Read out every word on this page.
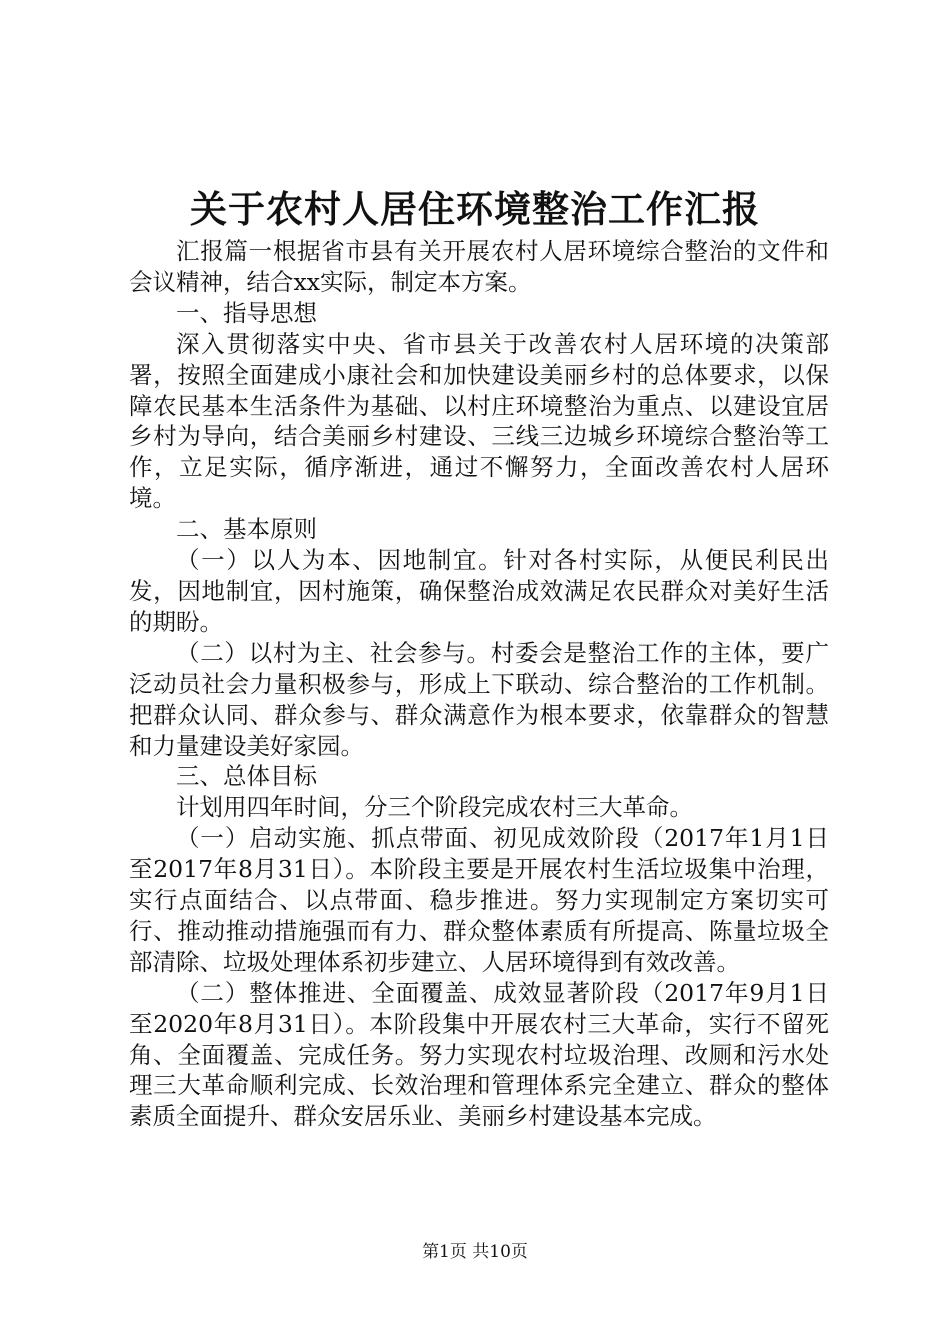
关于农村人居住环境整治工作汇报

汇报篇一根据省市县有关开展农村人居环境综合整治的文件和会议精神，结合xx实际，制定本方案。

一、指导思想

深入贯彻落实中央、省市县关于改善农村人居环境的决策部署，按照全面建成小康社会和加快建设美丽乡村的总体要求，以保障农民基本生活条件为基础、以村庄环境整治为重点、以建设宜居乡村为导向，结合美丽乡村建设、三线三边城乡环境综合整治等工作，立足实际，循序渐进，通过不懈努力，全面改善农村人居环境。

二、基本原则

（一）以人为本、因地制宜。针对各村实际，从便民利民出发，因地制宜，因村施策，确保整治成效满足农民群众对美好生活的期盼。

（二）以村为主、社会参与。村委会是整治工作的主体，要广泛动员社会力量积极参与，形成上下联动、综合整治的工作机制。把群众认同、群众参与、群众满意作为根本要求，依靠群众的智慧和力量建设美好家园。

三、总体目标

计划用四年时间，分三个阶段完成农村三大革命。

（一）启动实施、抓点带面、初见成效阶段（2017年1月1日至2017年8月31日）。本阶段主要是开展农村生活垃圾集中治理，实行点面结合、以点带面、稳步推进。努力实现制定方案切实可行、推动推动措施强而有力、群众整体素质有所提高、陈量垃圾全部清除、垃圾处理体系初步建立、人居环境得到有效改善。

（二）整体推进、全面覆盖、成效显著阶段（2017年9月1日至2020年8月31日）。本阶段集中开展农村三大革命，实行不留死角、全面覆盖、完成任务。努力实现农村垃圾治理、改厕和污水处理三大革命顺利完成、长效治理和管理体系完全建立、群众的整体素质全面提升、群众安居乐业、美丽乡村建设基本完成。

第1页 共10页
